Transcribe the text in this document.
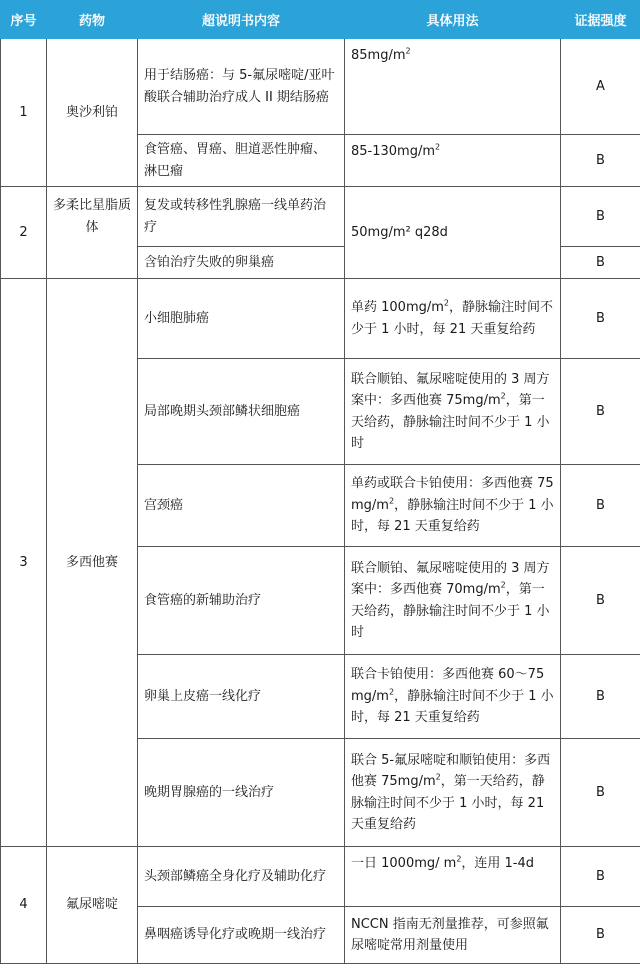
序号	药物	超说明书内容	具体用法	证据强度
1	奥沙利铂	用于结肠癌：与 5-氟尿嘧啶/亚叶酸联合辅助治疗成人 II 期结肠癌	$85mg/m^2$	A
		食管癌、胃癌、胆道恶性肿瘤、淋巴瘤	$85-130mg/m^2$	B
2	多柔比星脂质体	复发或转移性乳腺癌一线单药治疗	50mg/m² q28d	B
		含铂治疗失败的卵巢癌		B
3	多西他赛	小细胞肺癌	单药 $100mg/m^2$，静脉输注时间不少于 1 小时，每 21 天重复给药	B
		局部晚期头颈部鳞状细胞癌	联合顺铂、氟尿嘧啶使用的 3 周方案中：多西他赛 $75mg/m^2$，第一天给药，静脉输注时间不少于 1 小时	B
		宫颈癌	单药或联合卡铂使用：多西他赛 $75mg/m^2$，静脉输注时间不少于 1 小时，每 21 天重复给药	B
		食管癌的新辅助治疗	联合顺铂、氟尿嘧啶使用的 3 周方案中：多西他赛 $70mg/m^2$，第一天给药，静脉输注时间不少于 1 小时	B
		卵巢上皮癌一线化疗	联合卡铂使用：多西他赛 $60\sim 75mg/m^2$，静脉输注时间不少于 1 小时，每 21 天重复给药	B
		晚期胃腺癌的一线治疗	联合 5-氟尿嘧啶和顺铂使用：多西他赛 $75mg/m^2$，第一天给药，静脉输注时间不少于 1 小时，每 21 天重复给药	B
4	氟尿嘧啶	头颈部鳞癌全身化疗及辅助化疗	一日 1000mg/ $m^2$，连用 1-4d	B
		鼻咽癌诱导化疗或晚期一线治疗	NCCN 指南无剂量推荐，可参照氟尿嘧啶常用剂量使用	B
